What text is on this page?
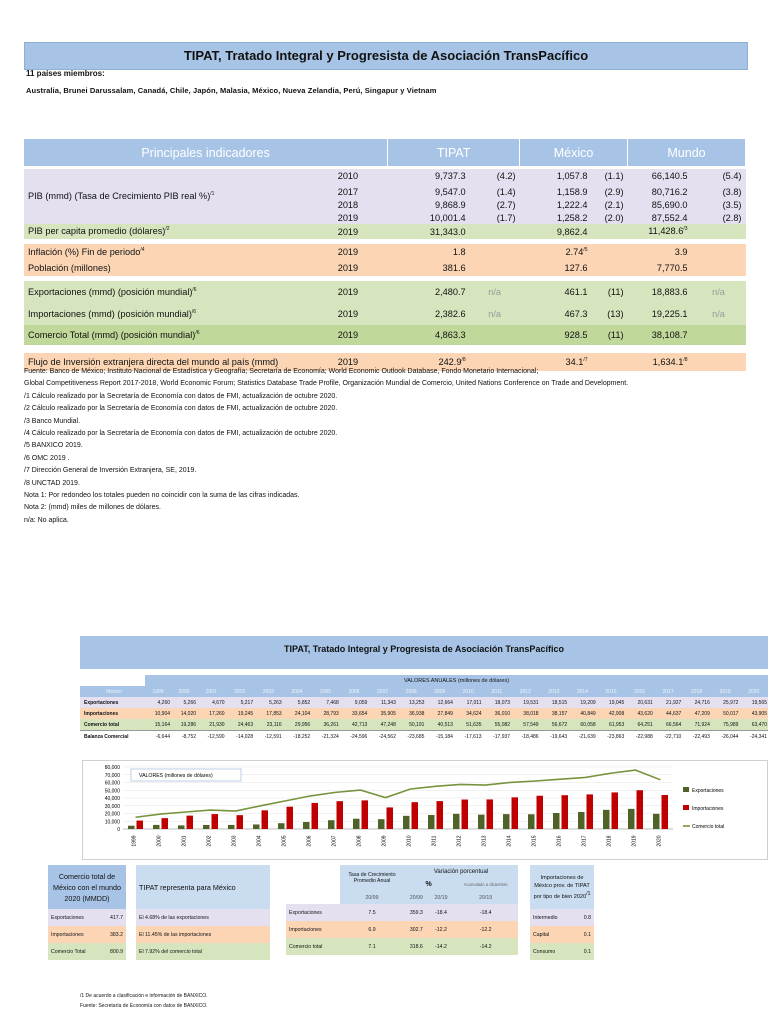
TIPAT, Tratado Integral y Progresista de Asociación TransPacífico
11 países miembros:
Australia, Brunei Darussalam, Canadá, Chile, Japón, Malasia, México, Nueva Zelandia, Perú, Singapur y Vietnam
Principales indicadores		TIPAT		México		Mundo	

PIB (mmd) (Tasa de Crecimiento PIB real %)$^{/1}$	2010	9,737.3	(4.2)	1,057.8	(1.1)	66,140.5	(5.4)

	2017	9,547.0	(1.4)	1,158.9	(2.9)	80,716.2	(3.8)
	2018	9,868.9	(2.7)	1,222.4	(2.1)	85,690.0	(3.5)
	2019	10,001.4	(1.7)	1,258.2	(2.0)	87,552.4	(2.8)
PIB per capita promedio (dólares)$^{/2}$	2019	31,343.0		9,862.4		$11,428.6^{/3}$	

Inflación (%) Fin de periodo$^{/4}$	2019	1.8		$2.74^{/5}$		3.9	
Población (millones)	2019	381.6		127.6		7,770.5	

Exportaciones (mmd) (posición mundial)$^{/6}$	2019	2,480.7	n/a	461.1	(11)	18,883.6	n/a
Importaciones (mmd) (posición mundial)$^{/6}$	2019	2,382.6	n/a	467.3	(13)	19,225.1	n/a
Comercio Total (mmd) (posición mundial)$^{/6}$	2019	4,863.3		928.5	(11)	38,108.7	

Flujo de Inversión extranjera directa del mundo al país (mmd)	2019	$242.9^{/8}$		$34.1^{/7}$		$1,634.1^{/8}$	
Fuente: Banco de México; Instituto Nacional de Estadística y Geografía; Secretaría de Economía; World Economic Outlook Database, Fondo Monetario Internacional;
Global Competitiveness Report 2017-2018, World Economic Forum; Statistics Database Trade Profile, Organización Mundial de Comercio, United Nations Conference on Trade and Development.
/1 Cálculo realizado por la Secretaría de Economía con datos de FMI, actualización de octubre 2020.
/2 Cálculo realizado por la Secretaría de Economía con datos de FMI, actualización de octubre 2020.
/3 Banco Mundial.
/4 Cálculo realizado por la Secretaría de Economía con datos de FMI, actualización de octubre 2020.
/5 BANXICO 2019.
/6 OMC 2019 .
/7 Dirección General de Inversión Extranjera, SE, 2019.
/8 UNCTAD 2019.
Nota 1: Por redondeo los totales pueden no coincidir con la suma de las cifras indicadas.
Nota 2: (mmd) miles de millones de dólares.
n/a: No aplica.
TIPAT, Tratado Integral y Progresista de Asociación TransPacífico
	VALORES ANUALES (millones de dólares)																					
México	1999	2000	2001	2002	2003	2004	2005	2006	2007	2008	2009	2010	2011	2012	2013	2014	2015	2016	2017	2018	2019	2020
Exportaciones	4,260	5,266	4,670	5,217	5,263	5,852	7,468	9,059	11,343	13,253	12,664	17,011	18,073	19,531	18,515	19,209	19,045	20,631	21,927	24,716	25,972	19,565
Importaciones	10,904	14,020	17,260	19,245	17,853	24,104	28,793	33,654	35,905	36,938	27,849	34,624	36,010	38,018	38,157	40,849	42,908	43,620	44,637	47,209	50,017	43,905
Comercio total	15,164	19,286	21,930	24,463	23,116	29,956	36,261	42,713	47,248	50,191	40,513	51,635	55,082	57,549	56,672	60,058	61,953	64,251	66,564	71,924	75,989	63,470
Balanza Comercial	-6,644	-8,752	-12,590	-14,028	-12,591	-18,252	-21,324	-24,596	-24,562	-23,685	-15,184	-17,613	-17,937	-18,486	-19,643	-21,639	-23,863	-22,988	-22,710	-22,493	-26,044	-24,341
0
10,000
20,000
30,000
40,000
50,000
60,000
70,000
80,000
1999	2000	2001	2002	2003	2004	2005	2006	2007	2008	2009	2010	2011	2012	2013	2014	2015	2016	2017	2018	2019	2020
VALORES (millones de dólares)
Exportaciones
Importaciones
Comercio total
Comercio total de México con el mundo 2020 (MMDD)	
Exportaciones	417.7
Importaciones	383.2
Comercio Total	800.9
TIPAT representa para México
El 4.68% de las exportaciones
El 11.45% de las importaciones
El 7.92% del comercio total
	Tasa de Crecimiento Promedio Anual	Variación porcentual		
		%		Acumulado a diciembre
	20/99	20/99	20/19	20/19
Exportaciones	7.5	359.3	-18.4	-18.4
Importaciones	6.9	302.7	-12.2	-12.2
Comercio total	7.1	318.6	-14.2	-14.2
Importaciones de México prov. de TIPAT por tipo de bien $2020^{/1}$
Intermedio	0.8
Capital	0.1
Consumo	0.1
/1 De acuerdo a clasificación e información de BANXICO.
Fuente: Secretaría de Economía con datos de BANXICO.
